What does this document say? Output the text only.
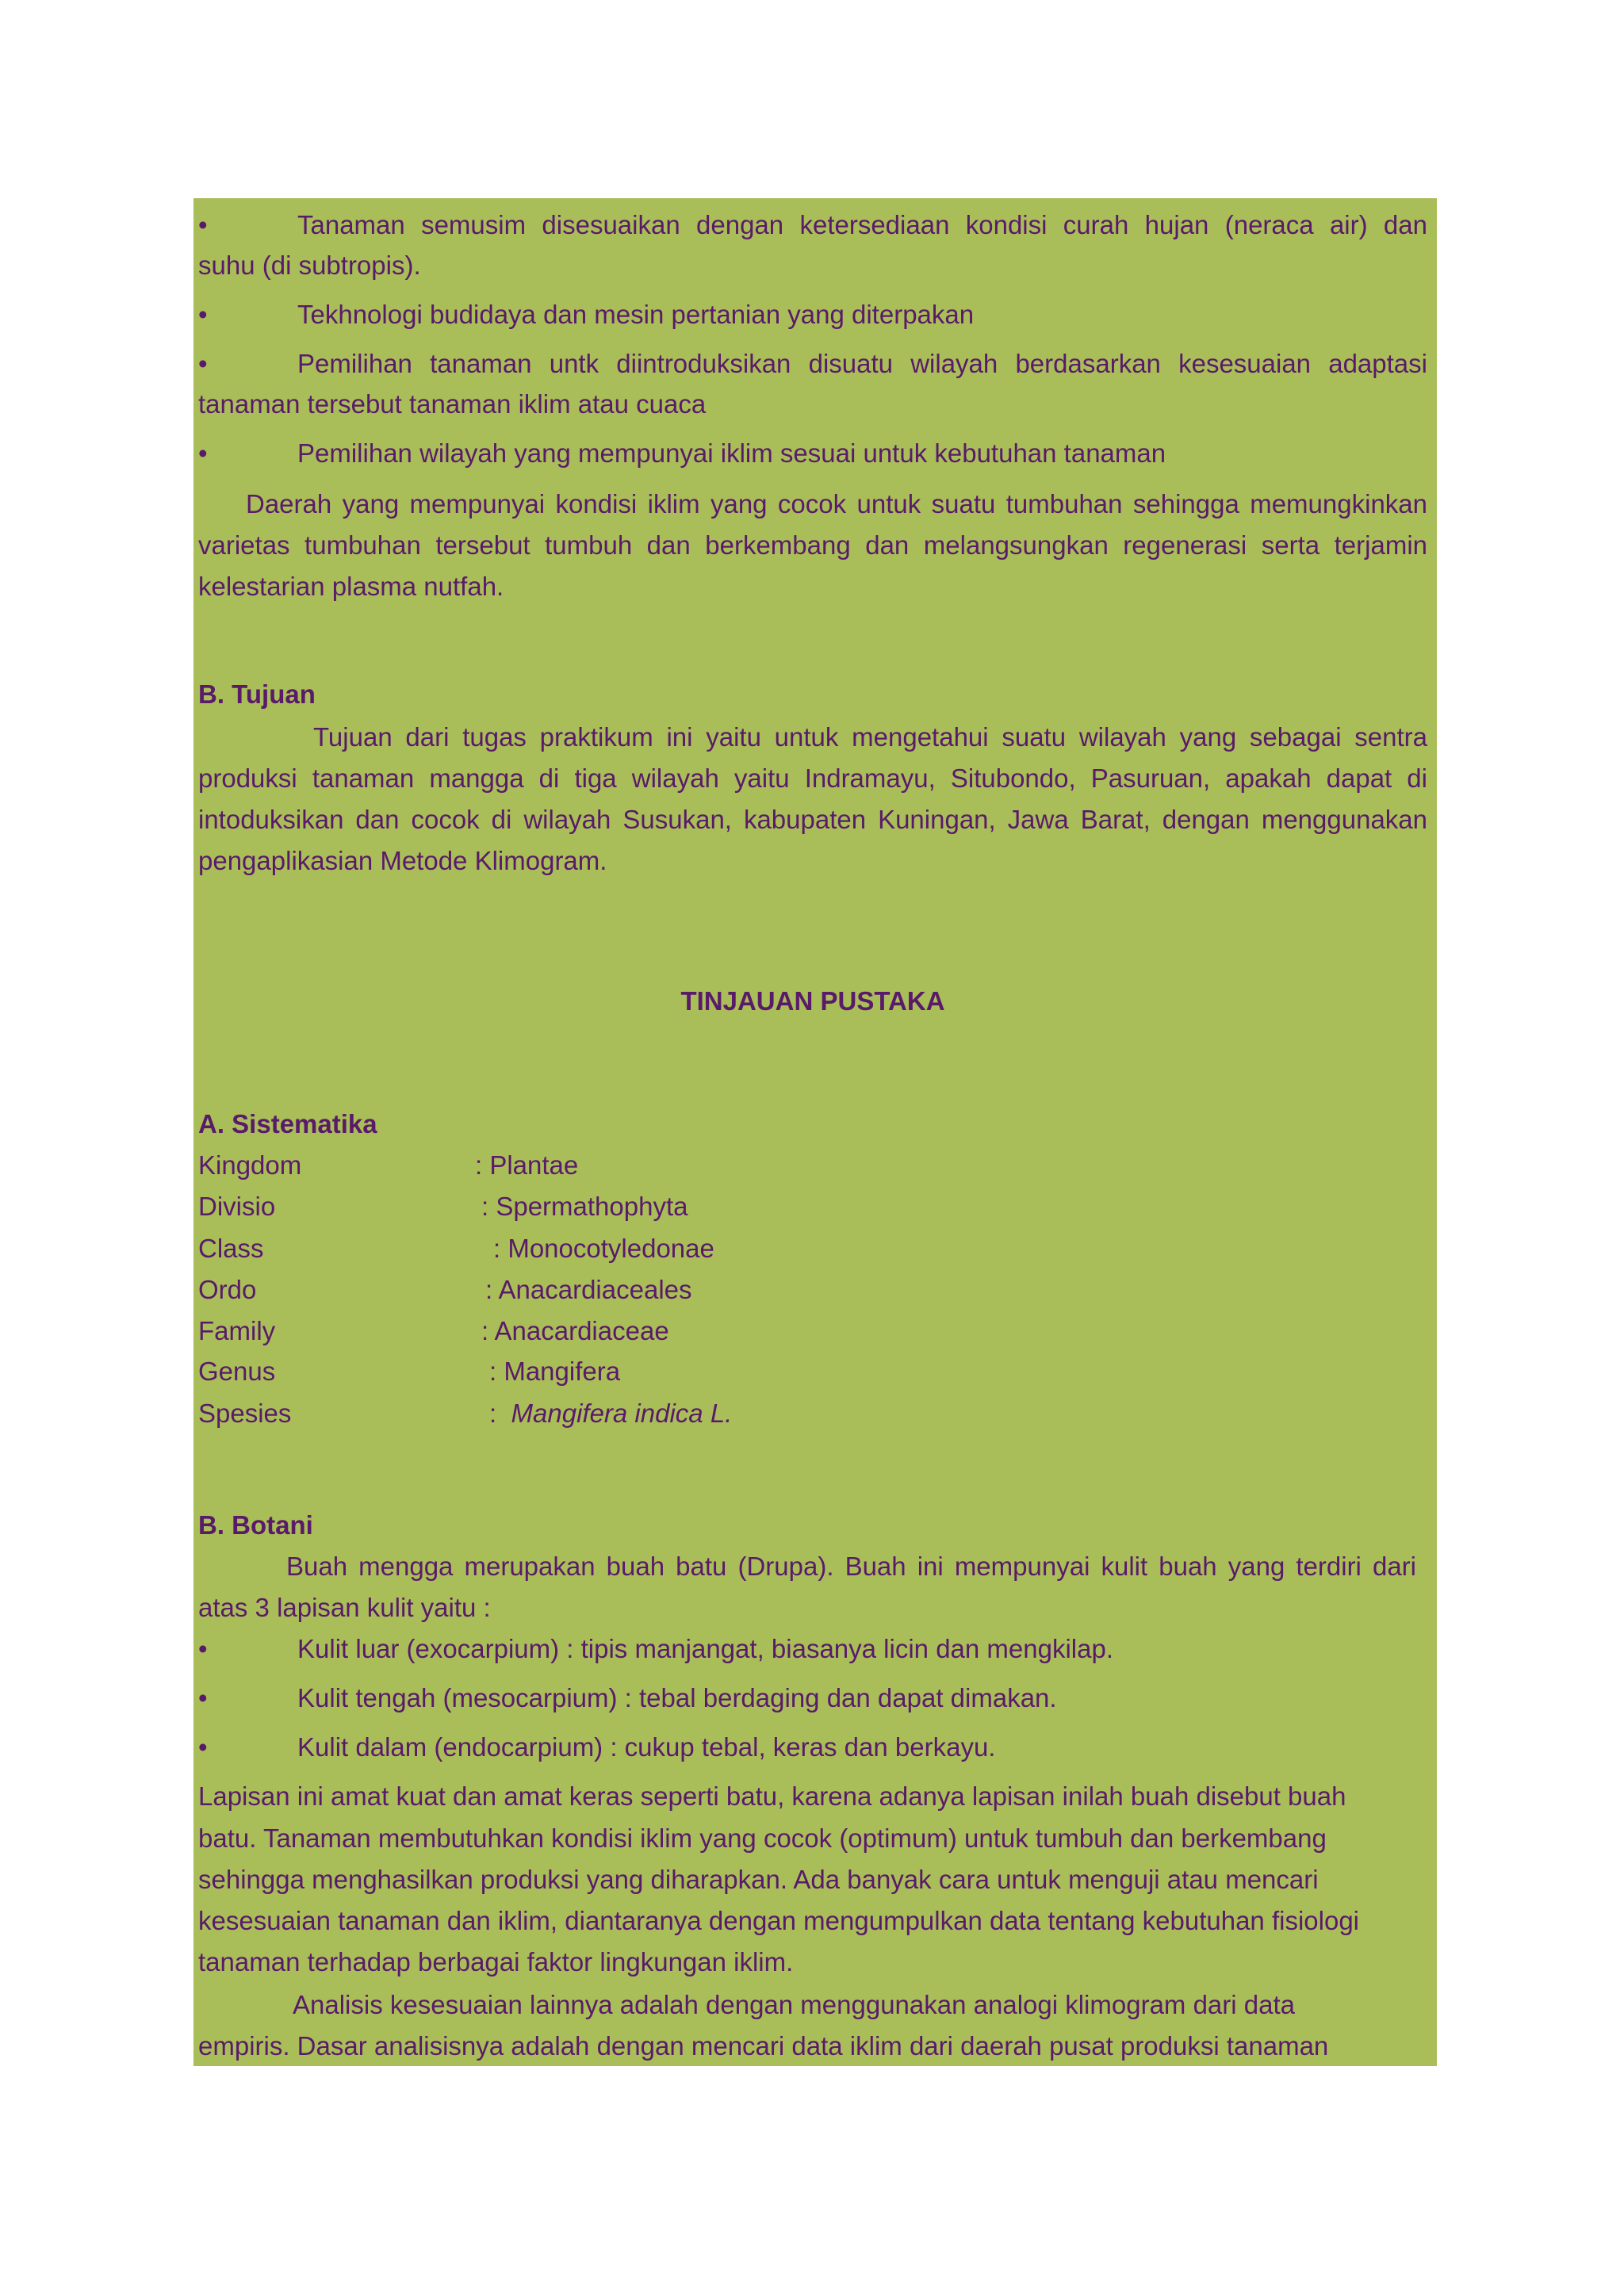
•	Tanaman semusim disesuaikan dengan ketersediaan kondisi curah hujan (neraca air) dan
suhu (di subtropis).
•	Tekhnologi budidaya dan mesin pertanian yang diterpakan
•	Pemilihan tanaman untk diintroduksikan disuatu wilayah berdasarkan kesesuaian adaptasi
tanaman tersebut tanaman iklim atau cuaca
•	Pemilihan wilayah yang mempunyai iklim sesuai untuk kebutuhan tanaman
Daerah yang mempunyai kondisi iklim yang cocok untuk suatu tumbuhan sehingga memungkinkan
varietas tumbuhan tersebut tumbuh dan berkembang dan melangsungkan regenerasi serta terjamin
kelestarian plasma nutfah.
B. Tujuan
Tujuan dari tugas praktikum ini yaitu untuk mengetahui suatu wilayah yang sebagai sentra
produksi tanaman mangga di tiga wilayah yaitu Indramayu, Situbondo, Pasuruan, apakah dapat di
intoduksikan dan cocok di wilayah Susukan, kabupaten Kuningan, Jawa Barat, dengan menggunakan
pengaplikasian Metode Klimogram.
TINJAUAN PUSTAKA
A. Sistematika
Kingdom	: Plantae
Divisio	: Spermathophyta
Class	: Monocotyledonae
Ordo	: Anacardiaceales
Family	: Anacardiaceae
Genus	: Mangifera
Spesies	: Mangifera indica L.
B. Botani
Buah mengga merupakan buah batu (Drupa). Buah ini mempunyai kulit buah yang terdiri dari
atas 3 lapisan kulit yaitu :
•	Kulit luar (exocarpium) : tipis manjangat, biasanya licin dan mengkilap.
•	Kulit tengah (mesocarpium) : tebal berdaging dan dapat dimakan.
•	Kulit dalam (endocarpium) : cukup tebal, keras dan berkayu.
Lapisan ini amat kuat dan amat keras seperti batu, karena adanya lapisan inilah buah disebut buah
batu. Tanaman membutuhkan kondisi iklim yang cocok (optimum) untuk tumbuh dan berkembang
sehingga menghasilkan produksi yang diharapkan. Ada banyak cara untuk menguji atau mencari
kesesuaian tanaman dan iklim, diantaranya dengan mengumpulkan data tentang kebutuhan fisiologi
tanaman terhadap berbagai faktor lingkungan iklim.
Analisis kesesuaian lainnya adalah dengan menggunakan analogi klimogram dari data
empiris. Dasar analisisnya adalah dengan mencari data iklim dari daerah pusat produksi tanaman
